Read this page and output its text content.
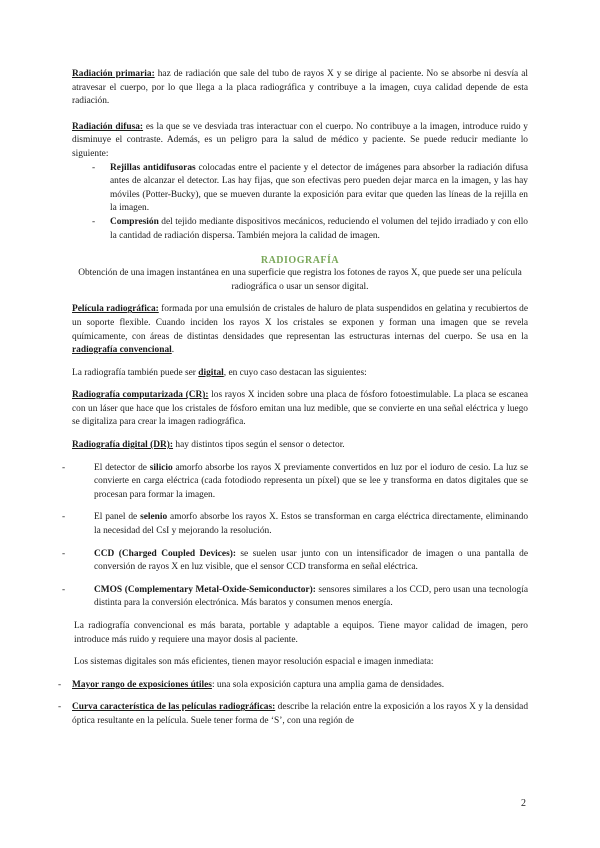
Radiación primaria: haz de radiación que sale del tubo de rayos X y se dirige al paciente. No se absorbe ni desvía al atravesar el cuerpo, por lo que llega a la placa radiográfica y contribuye a la imagen, cuya calidad depende de esta radiación.

Radiación difusa: es la que se ve desviada tras interactuar con el cuerpo. No contribuye a la imagen, introduce ruido y disminuye el contraste. Además, es un peligro para la salud de médico y paciente. Se puede reducir mediante lo siguiente:

- Rejillas antidifusoras colocadas entre el paciente y el detector de imágenes para absorber la radiación difusa antes de alcanzar el detector. Las hay fijas, que son efectivas pero pueden dejar marca en la imagen, y las hay móviles (Potter-Bucky), que se mueven durante la exposición para evitar que queden las líneas de la rejilla en la imagen.
- Compresión del tejido mediante dispositivos mecánicos, reduciendo el volumen del tejido irradiado y con ello la cantidad de radiación dispersa. También mejora la calidad de imagen.
RADIOGRAFÍA

Obtención de una imagen instantánea en una superficie que registra los fotones de rayos X, que puede ser una película radiográfica o usar un sensor digital.

Película radiográfica: formada por una emulsión de cristales de haluro de plata suspendidos en gelatina y recubiertos de un soporte flexible. Cuando inciden los rayos X los cristales se exponen y forman una imagen que se revela químicamente, con áreas de distintas densidades que representan las estructuras internas del cuerpo. Se usa en la radiografía convencional.

La radiografía también puede ser digital, en cuyo caso destacan las siguientes:

Radiografía computarizada (CR): los rayos X inciden sobre una placa de fósforo fotoestimulable. La placa se escanea con un láser que hace que los cristales de fósforo emitan una luz medible, que se convierte en una señal eléctrica y luego se digitaliza para crear la imagen radiográfica.

Radiografía digital (DR): hay distintos tipos según el sensor o detector.

-	El detector de silicio amorfo absorbe los rayos X previamente convertidos en luz por el ioduro de cesio. La luz se convierte en carga eléctrica (cada fotodiodo representa un píxel) que se lee y transforma en datos digitales que se procesan para formar la imagen.
-	El panel de selenio amorfo absorbe los rayos X. Estos se transforman en carga eléctrica directamente, eliminando la necesidad del CsI y mejorando la resolución.
-	CCD (Charged Coupled Devices): se suelen usar junto con un intensificador de imagen o una pantalla de conversión de rayos X en luz visible, que el sensor CCD transforma en señal eléctrica.
-	CMOS (Complementary Metal-Oxide-Semiconductor): sensores similares a los CCD, pero usan una tecnología distinta para la conversión electrónica. Más baratos y consumen menos energía.

La radiografía convencional es más barata, portable y adaptable a equipos. Tiene mayor calidad de imagen, pero introduce más ruido y requiere una mayor dosis al paciente.

Los sistemas digitales son más eficientes, tienen mayor resolución espacial e imagen inmediata:

- Mayor rango de exposiciones útiles: una sola exposición captura una amplia gama de densidades.
- Curva característica de las películas radiográficas: describe la relación entre la exposición a los rayos X y la densidad óptica resultante en la película. Suele tener forma de ‘S’, con una región de
2
